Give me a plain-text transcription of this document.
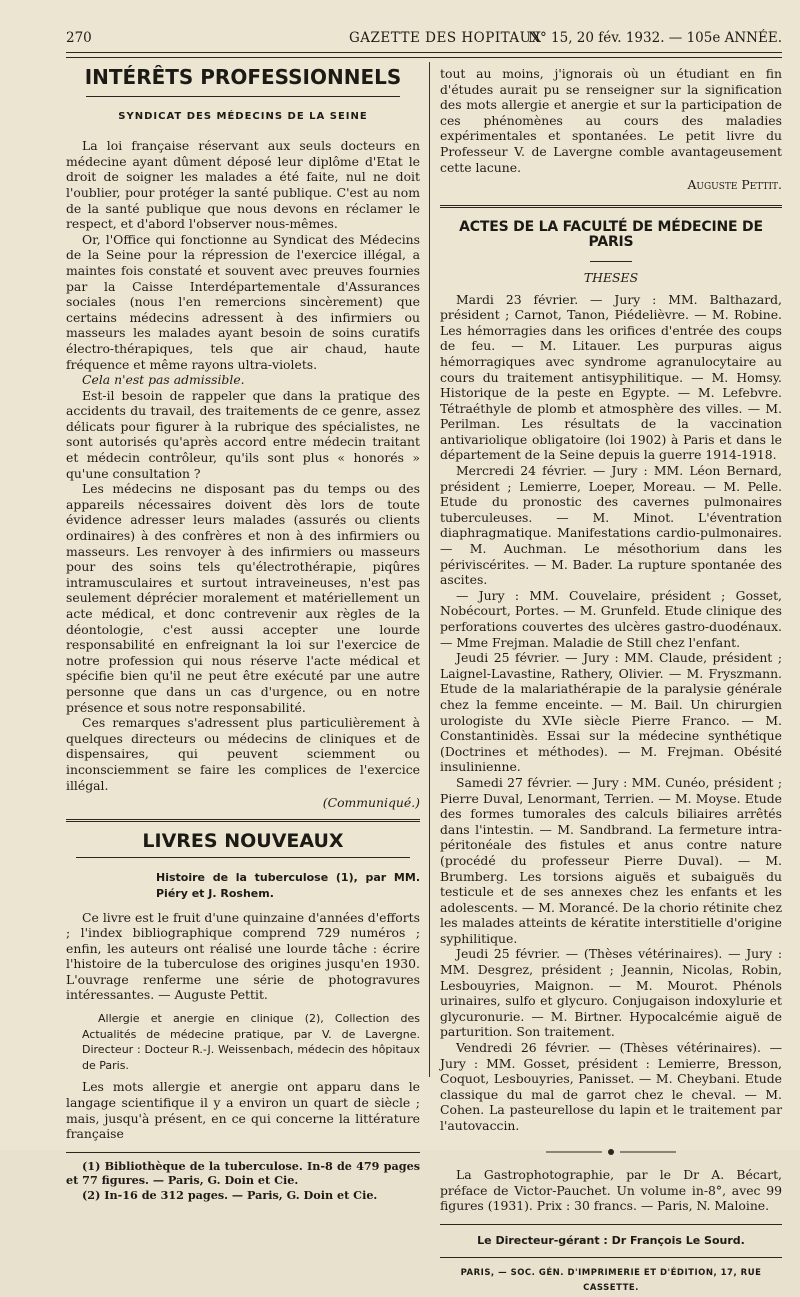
270	GAZETTE DES HOPITAUX
N° 15, 20 fév. 1932. — 105e ANNÉE.
INTÉRÊTS PROFESSIONNELS

SYNDICAT DES MÉDECINS DE LA SEINE

La loi française réservant aux seuls docteurs en médecine ayant dûment déposé leur diplôme d'Etat le droit de soigner les malades a été faite, nul ne doit l'oublier, pour protéger la santé publique. C'est au nom de la santé publique que nous devons en réclamer le respect, et d'abord l'observer nous-mêmes.

Or, l'Office qui fonctionne au Syndicat des Médecins de la Seine pour la répression de l'exercice illégal, a maintes fois constaté et souvent avec preuves fournies par la Caisse Interdépartementale d'Assurances sociales (nous l'en remercions sincèrement) que certains médecins adressent à des infirmiers ou masseurs les malades ayant besoin de soins curatifs électro-thérapiques, tels que air chaud, haute fréquence et même rayons ultra-violets.

Cela n'est pas admissible.

Est-il besoin de rappeler que dans la pratique des accidents du travail, des traitements de ce genre, assez délicats pour figurer à la rubrique des spécialistes, ne sont autorisés qu'après accord entre médecin traitant et médecin contrôleur, qu'ils sont plus « honorés » qu'une consultation ?

Les médecins ne disposant pas du temps ou des appareils nécessaires doivent dès lors de toute évidence adresser leurs malades (assurés ou clients ordinaires) à des confrères et non à des infirmiers ou masseurs. Les renvoyer à des infirmiers ou masseurs pour des soins tels qu'électrothérapie, piqûres intramusculaires et surtout intraveineuses, n'est pas seulement déprécier moralement et matériellement un acte médical, et donc contrevenir aux règles de la déontologie, c'est aussi accepter une lourde responsabilité en enfreignant la loi sur l'exercice de notre profession qui nous réserve l'acte médical et spécifie bien qu'il ne peut être exécuté par une autre personne que dans un cas d'urgence, ou en notre présence et sous notre responsabilité.

Ces remarques s'adressent plus particulièrement à quelques directeurs ou médecins de cliniques et de dispensaires, qui peuvent sciemment ou inconsciemment se faire les complices de l'exercice illégal.

(Communiqué.)

LIVRES NOUVEAUX

Histoire de la tuberculose (1), par MM. Piéry et J. Roshem.

Ce livre est le fruit d'une quinzaine d'années d'efforts ; l'index bibliographique comprend 729 numéros ; enfin, les auteurs ont réalisé une lourde tâche : écrire l'histoire de la tuberculose des origines jusqu'en 1930. L'ouvrage renferme une série de photogravures intéressantes. — Auguste Pettit.

Allergie et anergie en clinique (2), Collection des Actualités de médecine pratique, par V. de Lavergne. Directeur : Docteur R.-J. Weissenbach, médecin des hôpitaux de Paris.

Les mots allergie et anergie ont apparu dans le langage scientifique il y a environ un quart de siècle ; mais, jusqu'à présent, en ce qui concerne la littérature française

(1) Bibliothèque de la tuberculose. In-8 de 479 pages et 77 figures. — Paris, G. Doin et Cie.

(2) In-16 de 312 pages. — Paris, G. Doin et Cie.

tout au moins, j'ignorais où un étudiant en fin d'études aurait pu se renseigner sur la signification des mots allergie et anergie et sur la participation de ces phénomènes au cours des maladies expérimentales et spontanées. Le petit livre du Professeur V. de Lavergne comble avantageusement cette lacune.

Auguste Pettit.

ACTES DE LA FACULTÉ DE MÉDECINE DE PARIS

THESES

Mardi 23 février. — Jury : MM. Balthazard, président ; Carnot, Tanon, Piédelièvre. — M. Robine. Les hémorragies dans les orifices d'entrée des coups de feu. — M. Litauer. Les purpuras aigus hémorragiques avec syndrome agranulocytaire au cours du traitement antisyphilitique. — M. Homsy. Historique de la peste en Egypte. — M. Lefebvre. Tétraéthyle de plomb et atmosphère des villes. — M. Perilman. Les résultats de la vaccination antivariolique obligatoire (loi 1902) à Paris et dans le département de la Seine depuis la guerre 1914-1918.

Mercredi 24 février. — Jury : MM. Léon Bernard, président ; Lemierre, Loeper, Moreau. — M. Pelle. Etude du pronostic des cavernes pulmonaires tuberculeuses. — M. Minot. L'éventration diaphragmatique. Manifestations cardio-pulmonaires. — M. Auchman. Le mésothorium dans les périviscérites. — M. Bader. La rupture spontanée des ascites.

— Jury : MM. Couvelaire, président ; Gosset, Nobécourt, Portes. — M. Grunfeld. Etude clinique des perforations couvertes des ulcères gastro-duodénaux. — Mme Frejman. Maladie de Still chez l'enfant.

Jeudi 25 février. — Jury : MM. Claude, président ; Laignel-Lavastine, Rathery, Olivier. — M. Fryszmann. Etude de la malariathérapie de la paralysie générale chez la femme enceinte. — M. Bail. Un chirurgien urologiste du XVIe siècle Pierre Franco. — M. Constantinidès. Essai sur la médecine synthétique (Doctrines et méthodes). — M. Frejman. Obésité insulinienne.

Samedi 27 février. — Jury : MM. Cunéo, président ; Pierre Duval, Lenormant, Terrien. — M. Moyse. Etude des formes tumorales des calculs biliaires arrêtés dans l'intestin. — M. Sandbrand. La fermeture intra-péritonéale des fistules et anus contre nature (procédé du professeur Pierre Duval). — M. Brumberg. Les torsions aiguës et subaiguës du testicule et de ses annexes chez les enfants et les adolescents. — M. Morancé. De la chorio rétinite chez les malades atteints de kératite interstitielle d'origine syphilitique.

Jeudi 25 février. — (Thèses vétérinaires). — Jury : MM. Desgrez, président ; Jeannin, Nicolas, Robin, Lesbouyries, Maignon. — M. Mourot. Phénols urinaires, sulfo et glycuro. Conjugaison indoxylurie et glycuronurie. — M. Birtner. Hypocalcémie aiguë de parturition. Son traitement.

Vendredi 26 février. — (Thèses vétérinaires). — Jury : MM. Gosset, président : Lemierre, Bresson, Coquot, Lesbouyries, Panisset. — M. Cheybani. Etude classique du mal de garrot chez le cheval. — M. Cohen. La pasteurellose du lapin et le traitement par l'autovaccin.

La Gastrophotographie, par le Dr A. Bécart, préface de Victor-Pauchet. Un volume in-8°, avec 99 figures (1931). Prix : 30 francs. — Paris, N. Maloine.

Le Directeur-gérant : Dr François Le Sourd.

PARIS, — SOC. GÉN. D'IMPRIMERIE ET D'ÉDITION, 17, RUE CASSETTE.
